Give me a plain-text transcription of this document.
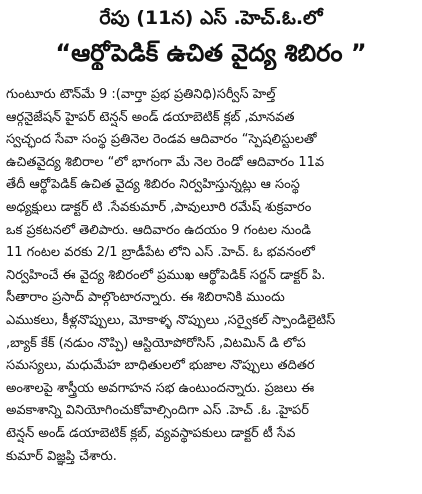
రేపు (11న) ఎస్ .హెచ్.ఓ.లో
“ఆర్థోపెడిక్ ఉచిత వైద్య శిబిరం ”
గుంటూరు టౌన్‌మే 9 :(వార్తా ప్రభ ప్రతినిధి)సర్వీస్ హెల్త్
ఆర్గనైజేషన్ హైపర్ టెన్షన్ అండ్ డయాబెటిక్ క్లబ్ ,మానవత
స్వచ్ఛంద సేవా సంస్థ ప్రతినెల రెండవ ఆదివారం “స్పెషలిస్టులతో
ఉచితవైద్య శిబిరాల “లో భాగంగా మే నెల రెండో ఆదివారం 11వ
తేదీ ఆర్థోపెడిక్ ఉచిత వైద్య శిబిరం నిర్వహిస్తున్నట్లు ఆ సంస్థ
అధ్యక్షులు డాక్టర్ టి .సేవకుమార్ ,పావులూరి రమేష్ శుక్రవారం
ఒక ప్రకటనలో తెలిపారు. ఆదివారం ఉదయం 9 గంటల నుండి
11 గంటల వరకు 2/1 బ్రాడీపేట లోని ఎస్ .హెచ్. ఓ భవనంలో
నిర్వహించే ఈ వైద్య శిబిరంలో ప్రముఖ ఆర్థోపెడిక్ సర్జన్ డాక్టర్ పి.
సీతారాం ప్రసాద్ పాల్గొంటారన్నారు. ఈ శిబిరానికి ముందు
ఎముకలు, కీళ్లనొప్పులు, మోకాళ్ళ నొప్పులు ,సర్వైకల్ స్పాండిలైటిస్
,బ్యాక్ కేక్ (నడుం నొప్పి) ఆస్టియోపోరోసిస్ ,విటమిన్ డి లోప
సమస్యలు, మధుమేహ బాధితులలో భుజాల నొప్పులు తదితర
అంశాలపై శాస్త్రీయ అవగాహన సభ ఉంటుందన్నారు. ప్రజలు ఈ
అవకాశాన్ని వినియోగించుకోవాల్సిందిగా ఎస్ .హెచ్ .ఓ .హైపర్
టెన్షన్ అండ్ డయాబెటిక్ క్లబ్, వ్యవస్థాపకులు డాక్టర్ టీ సేవ
కుమార్ విజ్ఞప్తి చేశారు.
